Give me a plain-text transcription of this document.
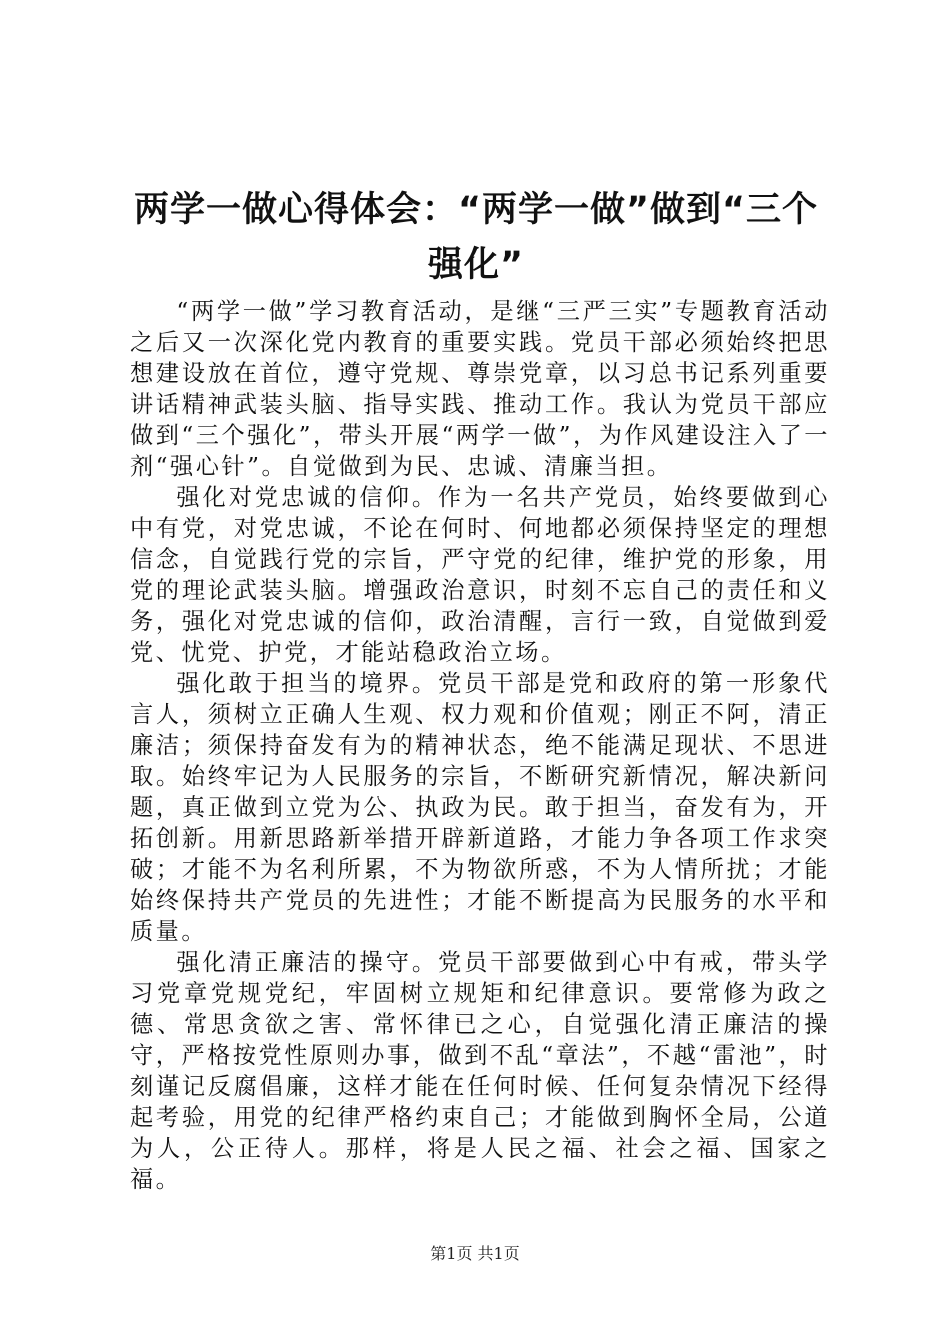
两学一做心得体会：“两学一做”做到“三个强化”

“两学一做”学习教育活动，是继“三严三实”专题教育活动之后又一次深化党内教育的重要实践。党员干部必须始终把思想建设放在首位，遵守党规、尊崇党章，以习总书记系列重要讲话精神武装头脑、指导实践、推动工作。我认为党员干部应做到“三个强化”，带头开展“两学一做”，为作风建设注入了一剂“强心针”。自觉做到为民、忠诚、清廉当担。

强化对党忠诚的信仰。作为一名共产党员，始终要做到心中有党，对党忠诚，不论在何时、何地都必须保持坚定的理想信念，自觉践行党的宗旨，严守党的纪律，维护党的形象，用党的理论武装头脑。增强政治意识，时刻不忘自己的责任和义务，强化对党忠诚的信仰，政治清醒，言行一致，自觉做到爱党、忧党、护党，才能站稳政治立场。

强化敢于担当的境界。党员干部是党和政府的第一形象代言人，须树立正确人生观、权力观和价值观；刚正不阿，清正廉洁；须保持奋发有为的精神状态，绝不能满足现状、不思进取。始终牢记为人民服务的宗旨，不断研究新情况，解决新问题，真正做到立党为公、执政为民。敢于担当，奋发有为，开拓创新。用新思路新举措开辟新道路，才能力争各项工作求突破；才能不为名利所累，不为物欲所惑，不为人情所扰；才能始终保持共产党员的先进性；才能不断提高为民服务的水平和质量。

强化清正廉洁的操守。党员干部要做到心中有戒，带头学习党章党规党纪，牢固树立规矩和纪律意识。要常修为政之德、常思贪欲之害、常怀律已之心，自觉强化清正廉洁的操守，严格按党性原则办事，做到不乱“章法”，不越“雷池”，时刻谨记反腐倡廉，这样才能在任何时候、任何复杂情况下经得起考验，用党的纪律严格约束自己；才能做到胸怀全局，公道为人，公正待人。那样，将是人民之福、社会之福、国家之福。

第1页 共1页
